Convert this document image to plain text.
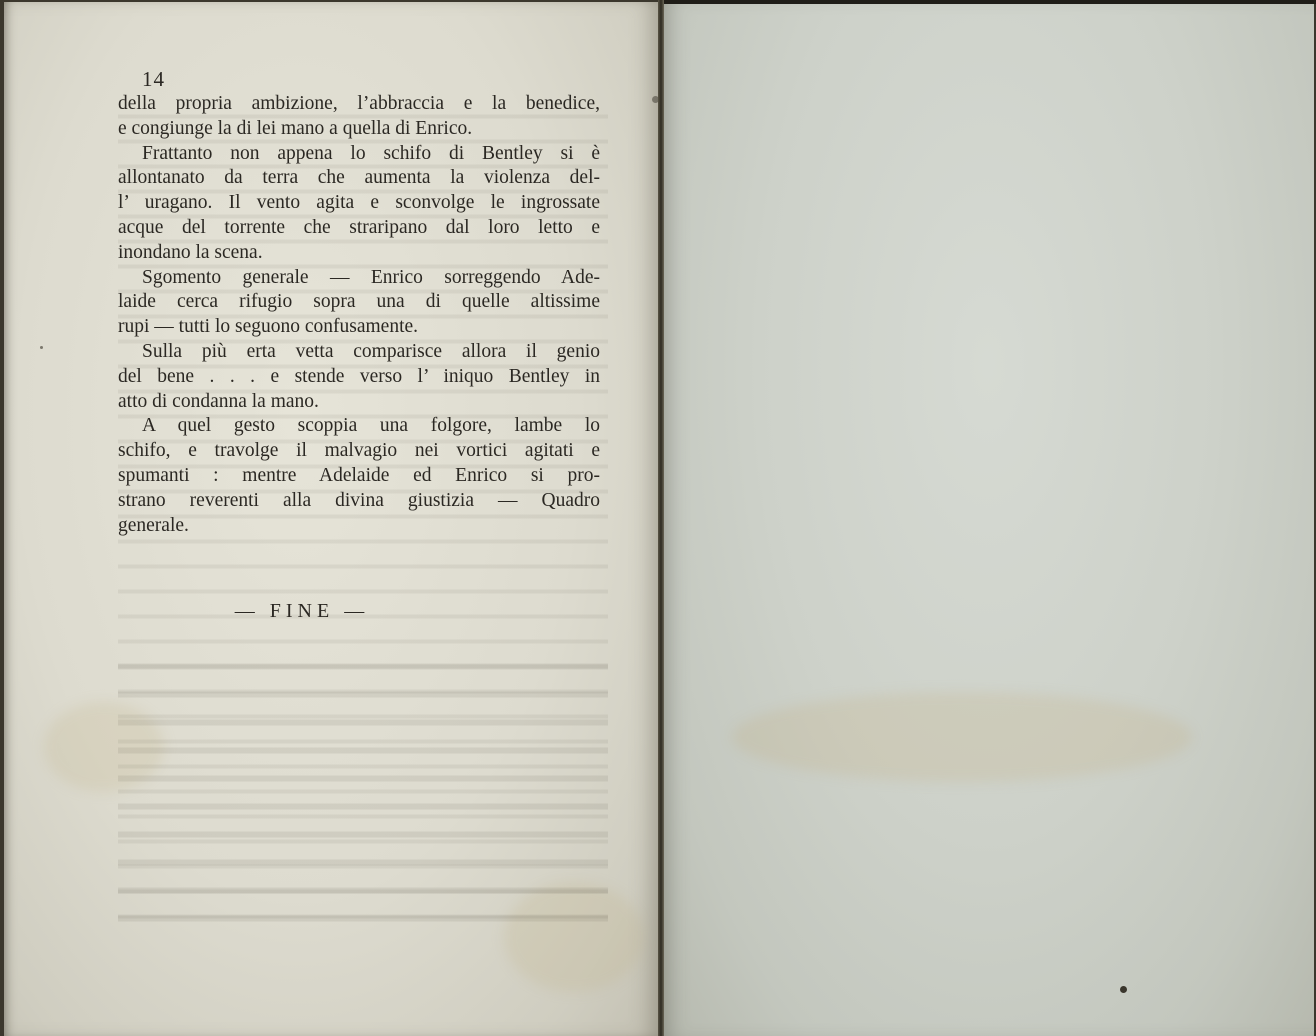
14
della propria ambizione, l’abbraccia e la benedice,
e congiunge la di lei mano a quella di Enrico.
Frattanto non appena lo schifo di Bentley si è
allontanato da terra che aumenta la violenza del-
l’ uragano. Il vento agita e sconvolge le ingrossate
acque del torrente che straripano dal loro letto e
inondano la scena.
Sgomento generale — Enrico sorreggendo Ade-
laide cerca rifugio sopra una di quelle altissime
rupi — tutti lo seguono confusamente.
Sulla più erta vetta comparisce allora il genio
del bene . . . e stende verso l’ iniquo Bentley in
atto di condanna la mano.
A quel gesto scoppia una folgore, lambe lo
schifo, e travolge il malvagio nei vortici agitati e
spumanti : mentre Adelaide ed Enrico si pro-
strano reverenti alla divina giustizia — Quadro
generale.
— FINE —
